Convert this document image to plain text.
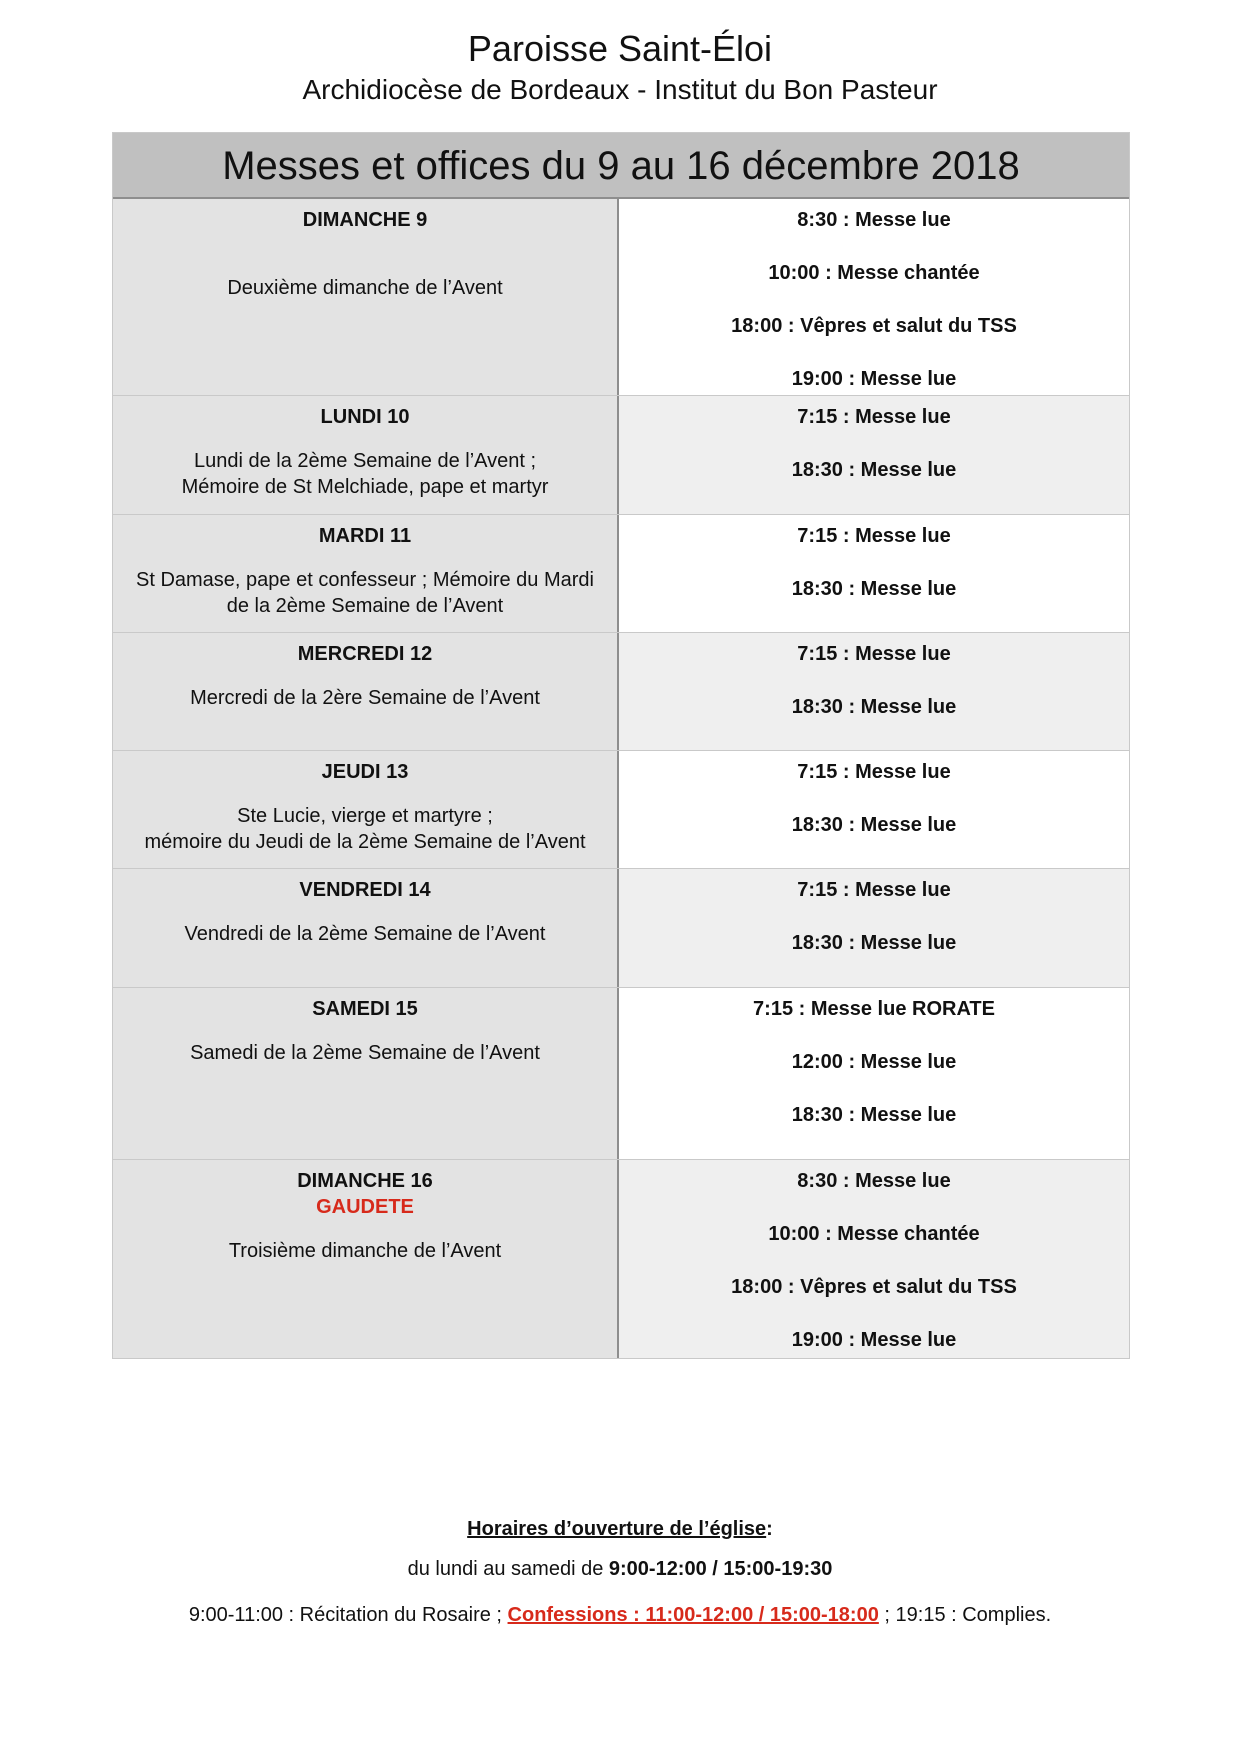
Paroisse Saint-Éloi
Archidiocèse de Bordeaux - Institut du Bon Pasteur
Messes et offices du 9 au 16 décembre 2018
DIMANCHE 9
Deuxième dimanche de l’Avent
8:30 : Messe lue
10:00 : Messe chantée
18:00 : Vêpres et salut du TSS
19:00 : Messe lue
LUNDI 10
Lundi de la 2ème Semaine de l’Avent ;
Mémoire de St Melchiade, pape et martyr
7:15 : Messe lue
18:30 : Messe lue
MARDI 11
St Damase, pape et confesseur ; Mémoire du Mardi
de la 2ème Semaine de l’Avent
7:15 : Messe lue
18:30 : Messe lue
MERCREDI 12
Mercredi de la 2ère Semaine de l’Avent
7:15 : Messe lue
18:30 : Messe lue
JEUDI 13
Ste Lucie, vierge et martyre ;
mémoire du Jeudi de la 2ème Semaine de l’Avent
7:15 : Messe lue
18:30 : Messe lue
VENDREDI 14
Vendredi de la 2ème Semaine de l’Avent
7:15 : Messe lue
18:30 : Messe lue
SAMEDI 15
Samedi de la 2ème Semaine de l’Avent
7:15 : Messe lue RORATE
12:00 : Messe lue
18:30 : Messe lue
DIMANCHE 16
GAUDETE
Troisième dimanche de l’Avent
8:30 : Messe lue
10:00 : Messe chantée
18:00 : Vêpres et salut du TSS
19:00 : Messe lue
Horaires d’ouverture de l’église:
du lundi au samedi de 9:00-12:00 / 15:00-19:30
9:00-11:00 : Récitation du Rosaire ; Confessions : 11:00-12:00 / 15:00-18:00 ; 19:15 : Complies.
